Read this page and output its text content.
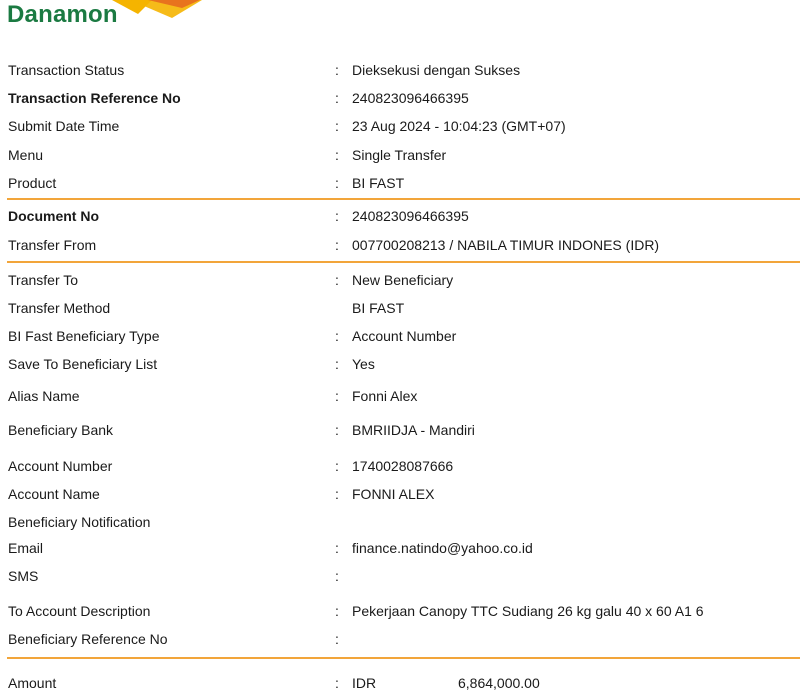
Danamon
Transaction Status	: Dieksekusi dengan Sukses
Transaction Reference No	: 240823096466395
Submit Date Time	: 23 Aug 2024 - 10:04:23 (GMT+07)
Menu	: Single Transfer
Product	: BI FAST
Document No	: 240823096466395
Transfer From	: 007700208213 / NABILA TIMUR INDONES (IDR)
Transfer To	: New Beneficiary
Transfer Method	BI FAST
BI Fast Beneficiary Type	: Account Number
Save To Beneficiary List	: Yes
Alias Name	: Fonni Alex
Beneficiary Bank	: BMRIIDJA - Mandiri
Account Number	: 1740028087666
Account Name	: FONNI ALEX
Beneficiary Notification
Email	: finance.natindo@yahoo.co.id
SMS	:
To Account Description	: Pekerjaan Canopy TTC Sudiang 26 kg galu 40 x 60 A1 6
Beneficiary Reference No	:
Amount	: IDR	6,864,000.00
